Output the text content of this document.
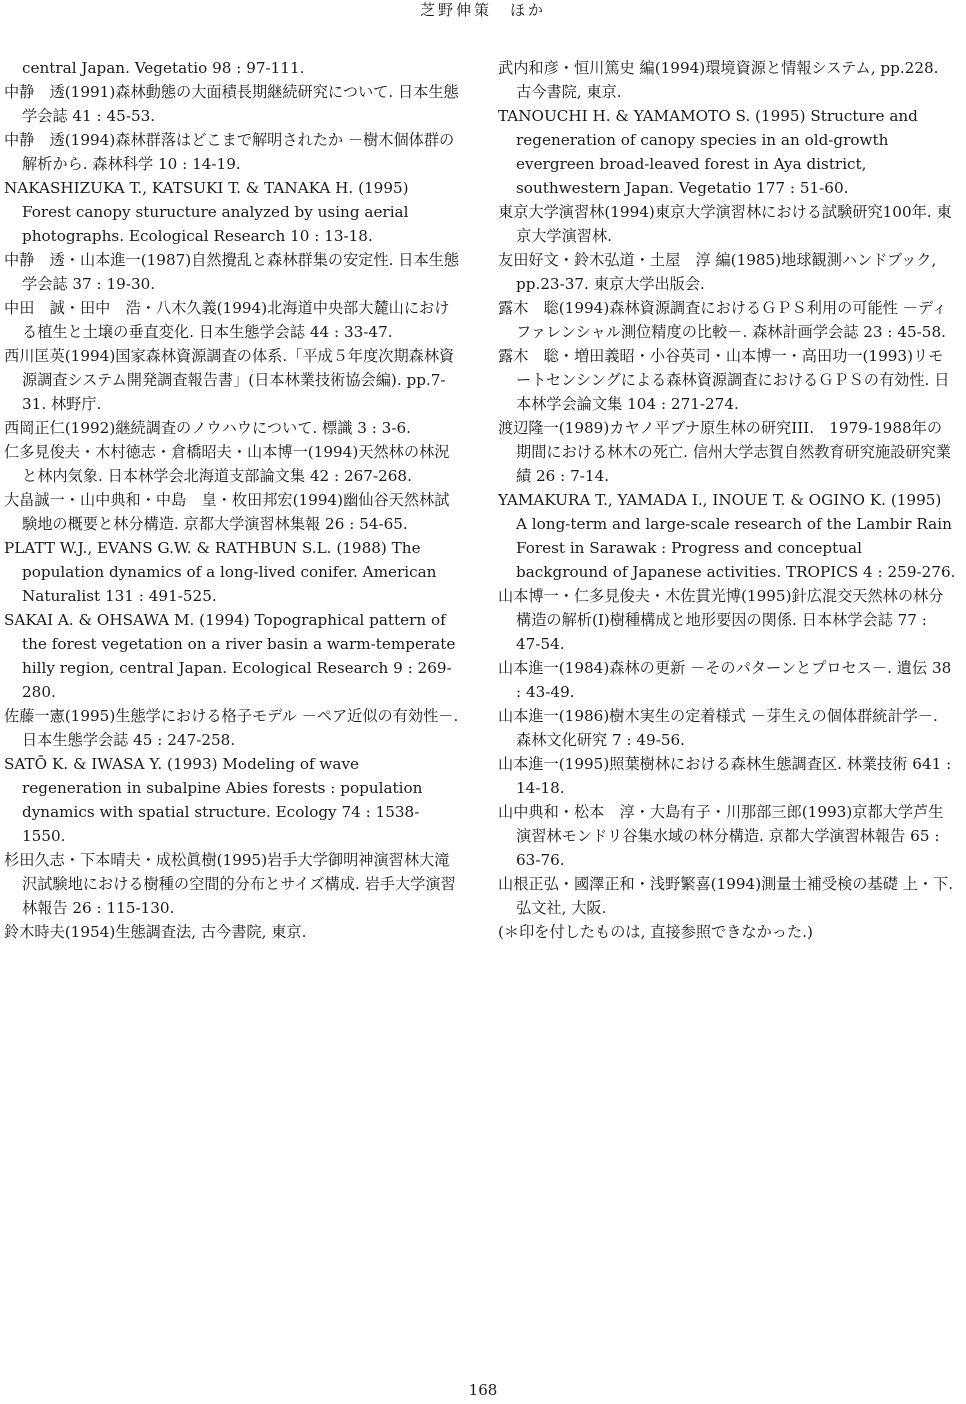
芝野伸策　ほか
central Japan. Vegetatio 98 : 97-111.
中静　透(1991)森林動態の大面積長期継続研究について. 日本生態学会誌 41 : 45-53.
中静　透(1994)森林群落はどこまで解明されたか －樹木個体群の解析から. 森林科学 10 : 14-19.
NAKASHIZUKA T., KATSUKI T. & TANAKA H. (1995) Forest canopy sturucture analyzed by using aerial photographs. Ecological Research 10 : 13-18.
中静　透・山本進一(1987)自然攪乱と森林群集の安定性. 日本生態学会誌 37 : 19-30.
中田　誠・田中　浩・八木久義(1994)北海道中央部大麓山における植生と土壌の垂直変化. 日本生態学会誌 44 : 33-47.
西川匡英(1994)国家森林資源調査の体系.「平成５年度次期森林資源調査システム開発調査報告書」(日本林業技術協会編). pp.7-31. 林野庁.
西岡正仁(1992)継続調査のノウハウについて. 標識 3 : 3-6.
仁多見俊夫・木村徳志・倉橋昭夫・山本博一(1994)天然林の林況と林内気象. 日本林学会北海道支部論文集 42 : 267-268.
大畠誠一・山中典和・中島　皇・枚田邦宏(1994)幽仙谷天然林試験地の概要と林分構造. 京都大学演習林集報 26 : 54-65.
PLATT W.J., EVANS G.W. & RATHBUN S.L. (1988) The population dynamics of a long-lived conifer. American Naturalist 131 : 491-525.
SAKAI A. & OHSAWA M. (1994) Topographical pattern of the forest vegetation on a river basin a warm-temperate hilly region, central Japan. Ecological Research 9 : 269-280.
佐藤一憲(1995)生態学における格子モデル －ペア近似の有効性－. 日本生態学会誌 45 : 247-258.
SATŌ K. & IWASA Y. (1993) Modeling of wave regeneration in subalpine Abies forests : population dynamics with spatial structure. Ecology 74 : 1538-1550.
杉田久志・下本晴夫・成松眞樹(1995)岩手大学御明神演習林大滝沢試験地における樹種の空間的分布とサイズ構成. 岩手大学演習林報告 26 : 115-130.
鈴木時夫(1954)生態調査法, 古今書院, 東京.
武内和彦・恒川篤史 編(1994)環境資源と情報システム, pp.228. 古今書院, 東京.
TANOUCHI H. & YAMAMOTO S. (1995) Structure and regeneration of canopy species in an old-growth evergreen broad-leaved forest in Aya district, southwestern Japan. Vegetatio 177 : 51-60.
東京大学演習林(1994)東京大学演習林における試験研究100年. 東京大学演習林.
友田好文・鈴木弘道・土屋　淳 編(1985)地球観測ハンドブック, pp.23-37. 東京大学出版会.
露木　聡(1994)森林資源調査におけるＧＰＳ利用の可能性 －ディファレンシャル測位精度の比較－. 森林計画学会誌 23 : 45-58.
露木　聡・増田義昭・小谷英司・山本博一・高田功一(1993)リモートセンシングによる森林資源調査におけるＧＰＳの有効性. 日本林学会論文集 104 : 271-274.
渡辺隆一(1989)カヤノ平ブナ原生林の研究III.　1979-1988年の期間における林木の死亡. 信州大学志賀自然教育研究施設研究業績 26 : 7-14.
YAMAKURA T., YAMADA I., INOUE T. & OGINO K. (1995) A long-term and large-scale research of the Lambir Rain Forest in Sarawak : Progress and conceptual background of Japanese activities. TROPICS 4 : 259-276.
山本博一・仁多見俊夫・木佐貫光博(1995)針広混交天然林の林分構造の解析(Ⅰ)樹種構成と地形要因の関係. 日本林学会誌 77 : 47-54.
山本進一(1984)森林の更新 －そのパターンとプロセス－. 遺伝 38 : 43-49.
山本進一(1986)樹木実生の定着様式 －芽生えの個体群統計学－. 森林文化研究 7 : 49-56.
山本進一(1995)照葉樹林における森林生態調査区. 林業技術 641 : 14-18.
山中典和・松本　淳・大島有子・川那部三郎(1993)京都大学芦生演習林モンドリ谷集水域の林分構造. 京都大学演習林報告 65 : 63-76.
山根正弘・國澤正和・浅野繁喜(1994)測量士補受検の基礎 上・下. 弘文社, 大阪.
(＊印を付したものは, 直接参照できなかった.)
168
